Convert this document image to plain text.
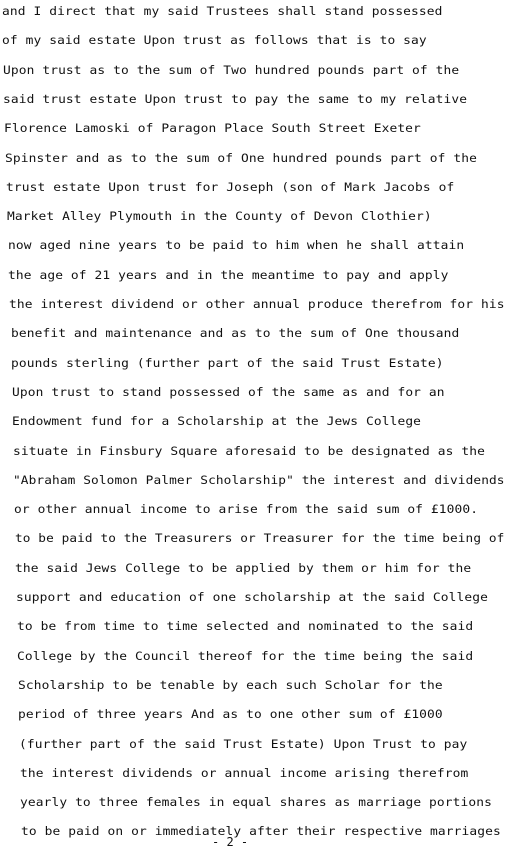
and I direct that my said Trustees shall stand possessed
of my said estate Upon trust as follows that is to say
Upon trust as to the sum of Two hundred pounds part of the
said trust estate Upon trust to pay the same to my relative
Florence Lamoski of Paragon Place South Street Exeter
Spinster and as to the sum of One hundred pounds part of the
trust estate Upon trust for Joseph (son of Mark Jacobs of
Market Alley Plymouth in the County of Devon Clothier)
now aged nine years to be paid to him when he shall attain
the age of 21 years and in the meantime to pay and apply
the interest dividend or other annual produce therefrom for his
benefit and maintenance and as to the sum of One thousand
pounds sterling (further part of the said Trust Estate)
Upon trust to stand possessed of the same as and for an
Endowment fund for a Scholarship at the Jews College
situate in Finsbury Square aforesaid to be designated as the
"Abraham Solomon Palmer Scholarship" the interest and dividends
or other annual income to arise from the said sum of £1000.
to be paid to the Treasurers or Treasurer for the time being of
the said Jews College to be applied by them or him for the
support and education of one scholarship at the said College
to be from time to time selected and nominated to the said
College by the Council thereof for the time being the said
Scholarship to be tenable by each such Scholar for the
period of three years And as to one other sum of £1000
(further part of the said Trust Estate) Upon Trust to pay
the interest dividends or annual income arising therefrom
yearly to three females in equal shares as marriage portions
to be paid on or immediately after their respective marriages
- 2 -
